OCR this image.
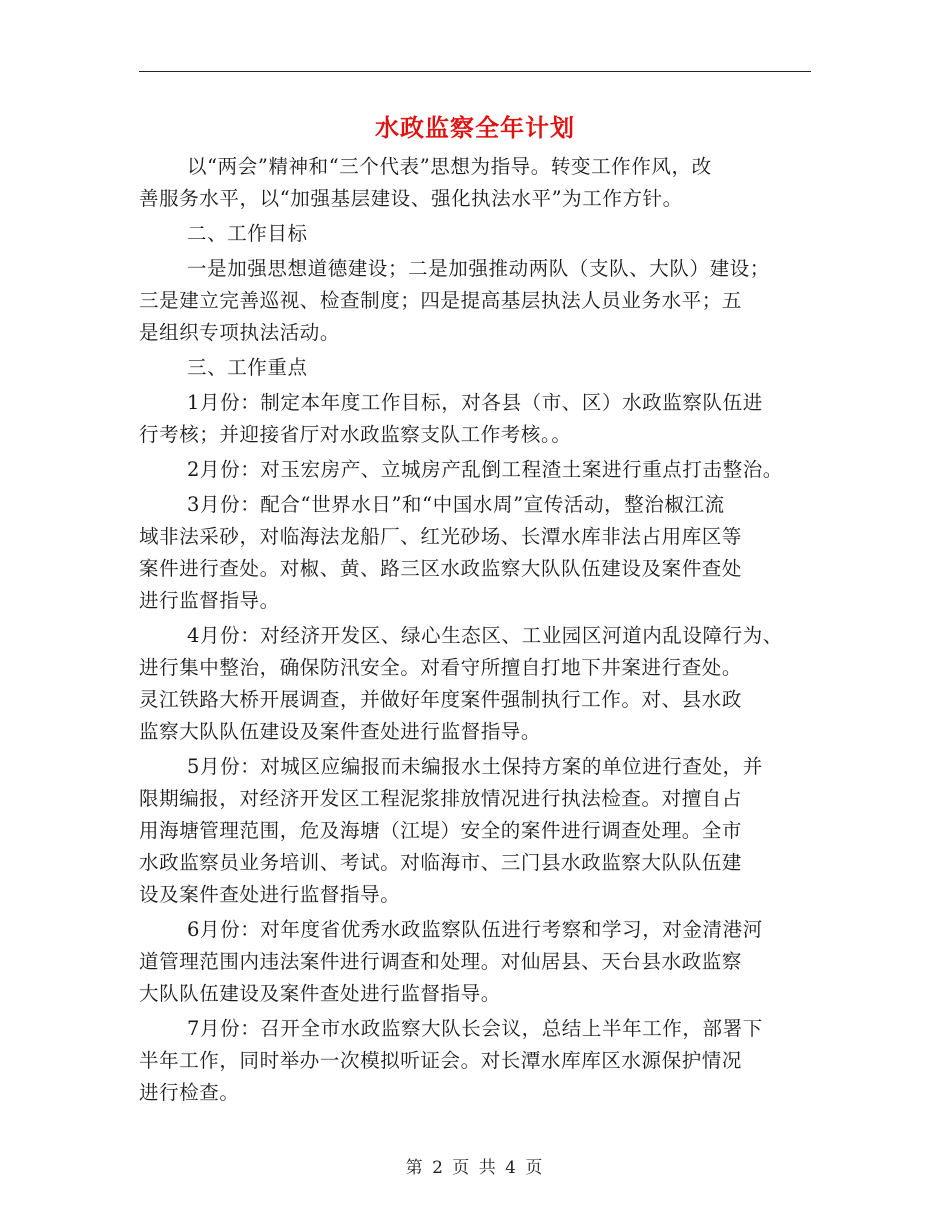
水政监察全年计划
以“两会”精神和“三个代表”思想为指导。转变工作作风，改
善服务水平，以“加强基层建设、强化执法水平”为工作方针。
二、工作目标
一是加强思想道德建设；二是加强推动两队（支队、大队）建设；
三是建立完善巡视、检查制度；四是提高基层执法人员业务水平；五
是组织专项执法活动。
三、工作重点
1月份：制定本年度工作目标，对各县（市、区）水政监察队伍进
行考核；并迎接省厅对水政监察支队工作考核。。
2月份：对玉宏房产、立城房产乱倒工程渣土案进行重点打击整治。
3月份：配合“世界水日”和“中国水周”宣传活动，整治椒江流
域非法采砂，对临海法龙船厂、红光砂场、长潭水库非法占用库区等
案件进行查处。对椒、黄、路三区水政监察大队队伍建设及案件查处
进行监督指导。
4月份：对经济开发区、绿心生态区、工业园区河道内乱设障行为、
进行集中整治，确保防汛安全。对看守所擅自打地下井案进行查处。
灵江铁路大桥开展调查，并做好年度案件强制执行工作。对、县水政
监察大队队伍建设及案件查处进行监督指导。
5月份：对城区应编报而未编报水土保持方案的单位进行查处，并
限期编报，对经济开发区工程泥浆排放情况进行执法检查。对擅自占
用海塘管理范围，危及海塘（江堤）安全的案件进行调查处理。全市
水政监察员业务培训、考试。对临海市、三门县水政监察大队队伍建
设及案件查处进行监督指导。
6月份：对年度省优秀水政监察队伍进行考察和学习，对金清港河
道管理范围内违法案件进行调查和处理。对仙居县、天台县水政监察
大队队伍建设及案件查处进行监督指导。
7月份：召开全市水政监察大队长会议，总结上半年工作，部署下
半年工作，同时举办一次模拟听证会。对长潭水库库区水源保护情况
进行检查。
第 2 页 共 4 页
